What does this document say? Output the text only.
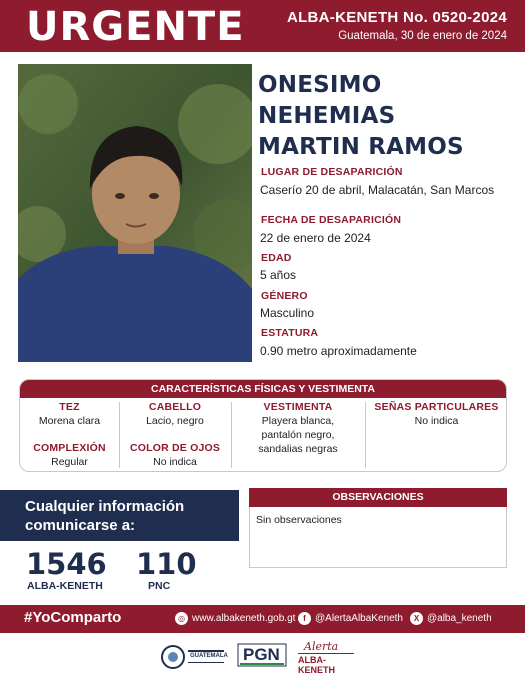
URGENTE	ALBA-KENETH No. 0520-2024
Guatemala, 30 de enero de 2024
ONESIMO NEHEMIAS
MARTIN RAMOS
LUGAR DE DESAPARICIÓN
Caserío 20 de abril, Malacatán, San Marcos
FECHA DE DESAPARICIÓN
22 de enero de 2024
EDAD
5 años
GÉNERO
Masculino
ESTATURA
0.90 metro aproximadamente
CARACTERÍSTICAS FÍSICAS Y VESTIMENTA
TEZ
Morena clara
CABELLO
Lacio, negro
VESTIMENTA
Playera blanca,
pantalón negro,
sandalias negras
SEÑAS PARTICULARES
No indica
COMPLEXIÓN
Regular
COLOR DE OJOS
No indica
Cualquier información
comunicarse a:
1546
ALBA-KENETH
110
PNC
OBSERVACIONES
Sin observaciones
#YoComparto	◎ www.albakeneth.gob.gt f @AlertaAlbaKeneth	X @alba_keneth
GUATEMALA PGN Alerta
ALBA-KENETH
